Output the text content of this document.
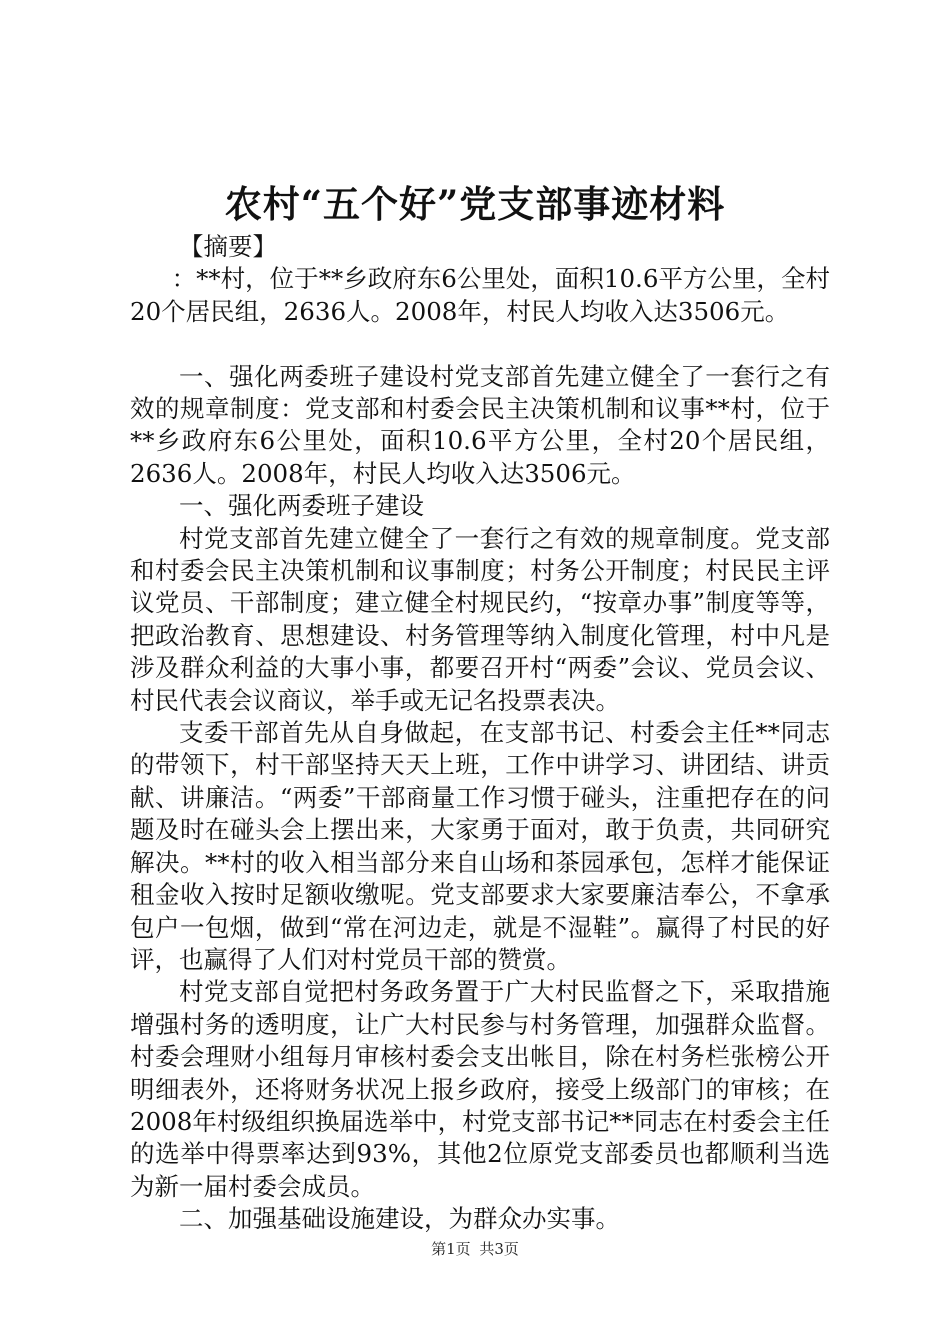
农村“五个好”党支部事迹材料

【摘要】

：**村，位于**乡政府东6公里处，面积10.6平方公里，全村20个居民组，2636人。2008年，村民人均收入达3506元。

一、强化两委班子建设村党支部首先建立健全了一套行之有效的规章制度：党支部和村委会民主决策机制和议事**村，位于**乡政府东6公里处，面积10.6平方公里，全村20个居民组，2636人。2008年，村民人均收入达3506元。

一、强化两委班子建设

村党支部首先建立健全了一套行之有效的规章制度。党支部和村委会民主决策机制和议事制度；村务公开制度；村民民主评议党员、干部制度；建立健全村规民约，“按章办事”制度等等，把政治教育、思想建设、村务管理等纳入制度化管理，村中凡是涉及群众利益的大事小事，都要召开村“两委”会议、党员会议、村民代表会议商议，举手或无记名投票表决。

支委干部首先从自身做起，在支部书记、村委会主任**同志的带领下，村干部坚持天天上班，工作中讲学习、讲团结、讲贡献、讲廉洁。“两委”干部商量工作习惯于碰头，注重把存在的问题及时在碰头会上摆出来，大家勇于面对，敢于负责，共同研究解决。**村的收入相当部分来自山场和茶园承包，怎样才能保证租金收入按时足额收缴呢。党支部要求大家要廉洁奉公，不拿承包户一包烟，做到“常在河边走，就是不湿鞋”。赢得了村民的好评，也赢得了人们对村党员干部的赞赏。

村党支部自觉把村务政务置于广大村民监督之下，采取措施增强村务的透明度，让广大村民参与村务管理，加强群众监督。村委会理财小组每月审核村委会支出帐目，除在村务栏张榜公开明细表外，还将财务状况上报乡政府，接受上级部门的审核；在2008年村级组织换届选举中，村党支部书记**同志在村委会主任的选举中得票率达到93%，其他2位原党支部委员也都顺利当选为新一届村委会成员。

二、加强基础设施建设，为群众办实事。

第1页 共3页
